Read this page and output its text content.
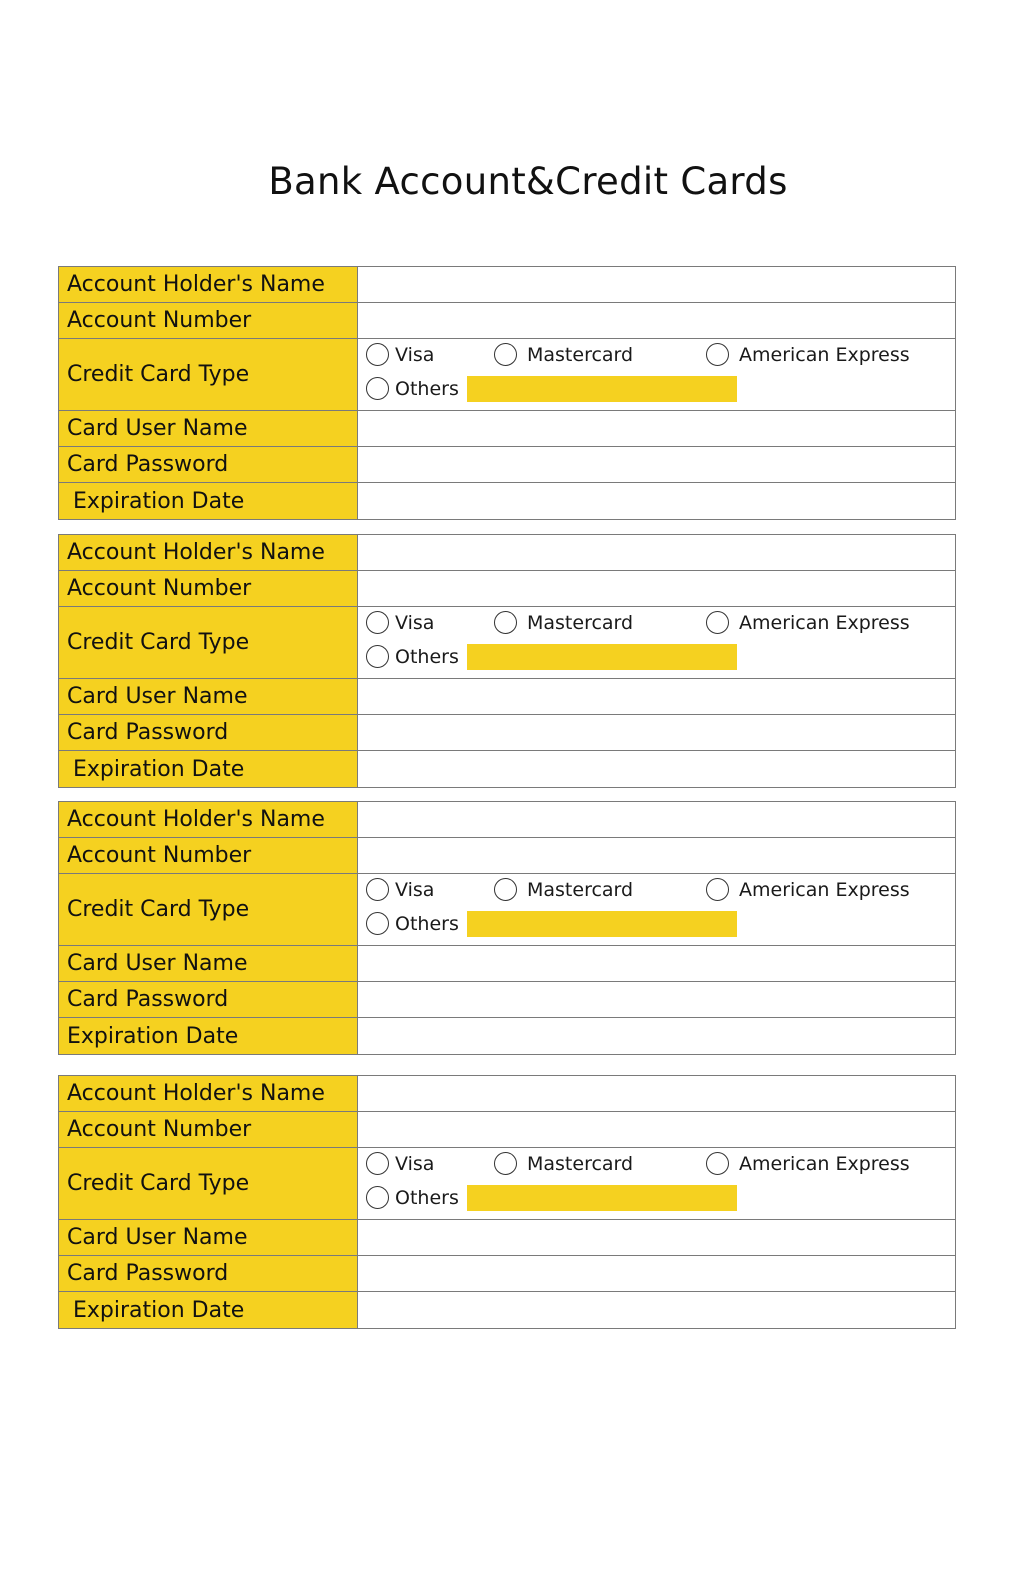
Bank Account&Credit Cards
Account Holder's Name
Account Number
Credit Card Type
Visa	Mastercard	American Express
Others
Card User Name
Card Password
Expiration Date
Account Holder's Name
Account Number
Credit Card Type
Visa	Mastercard	American Express
Others
Card User Name
Card Password
Expiration Date
Account Holder's Name
Account Number
Credit Card Type
Visa	Mastercard	American Express
Others
Card User Name
Card Password
Expiration Date
Account Holder's Name
Account Number
Credit Card Type
Visa	Mastercard	American Express
Others
Card User Name
Card Password
Expiration Date
